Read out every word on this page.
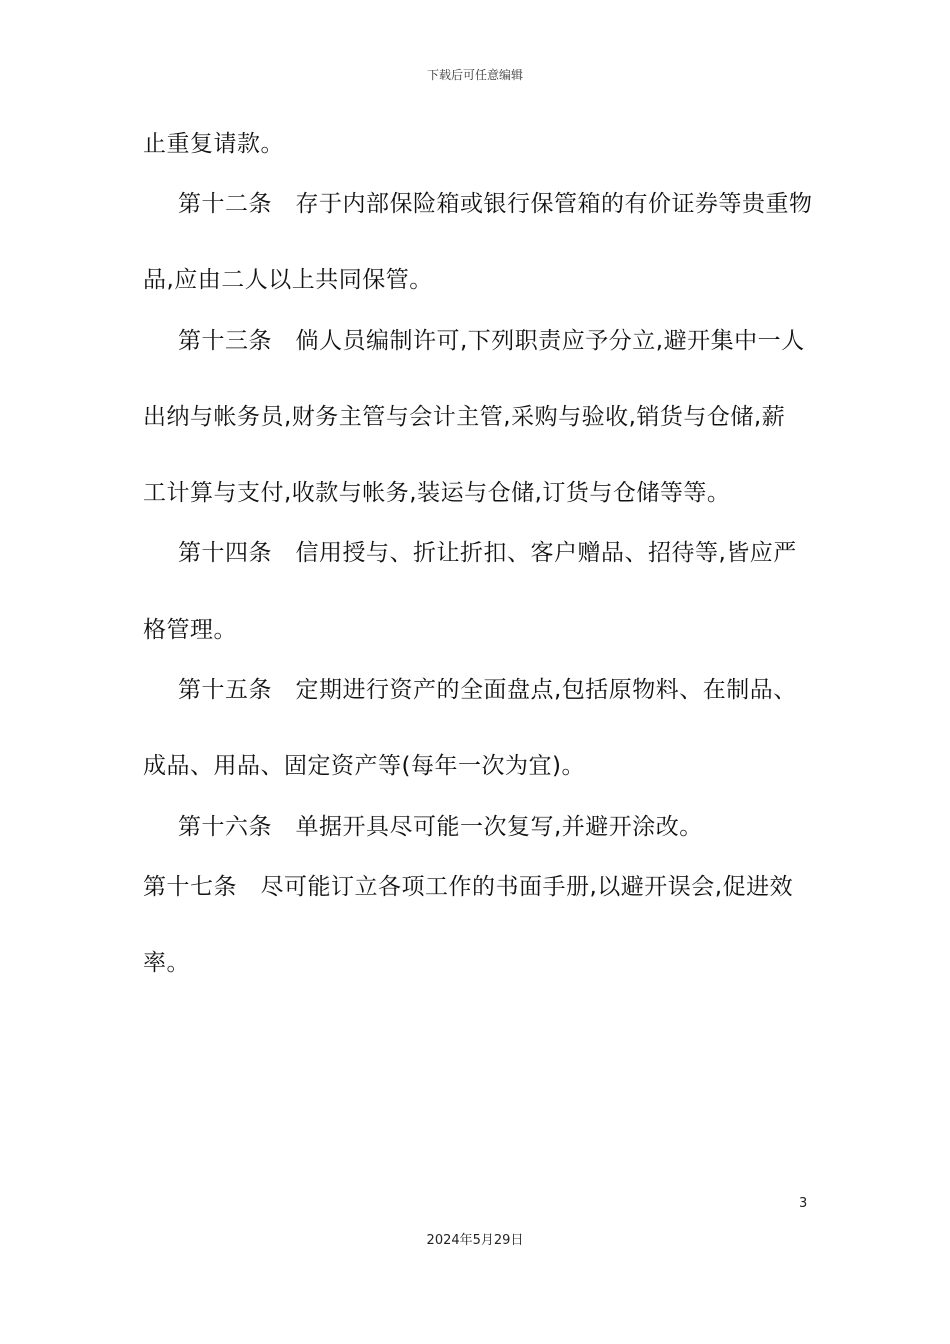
下载后可任意编辑
止重复请款。
第十二条　存于内部保险箱或银行保管箱的有价证券等贵重物
品,应由二人以上共同保管。
第十三条　倘人员编制许可,下列职责应予分立,避开集中一人
出纳与帐务员,财务主管与会计主管,采购与验收,销货与仓储,薪
工计算与支付,收款与帐务,装运与仓储,订货与仓储等等。
第十四条　信用授与、折让折扣、客户赠品、招待等,皆应严
格管理。
第十五条　定期进行资产的全面盘点,包括原物料、在制品、
成品、用品、固定资产等(每年一次为宜)。
第十六条　单据开具尽可能一次复写,并避开涂改。
第十七条　尽可能订立各项工作的书面手册,以避开误会,促进效
率。
3
2024年5月29日
